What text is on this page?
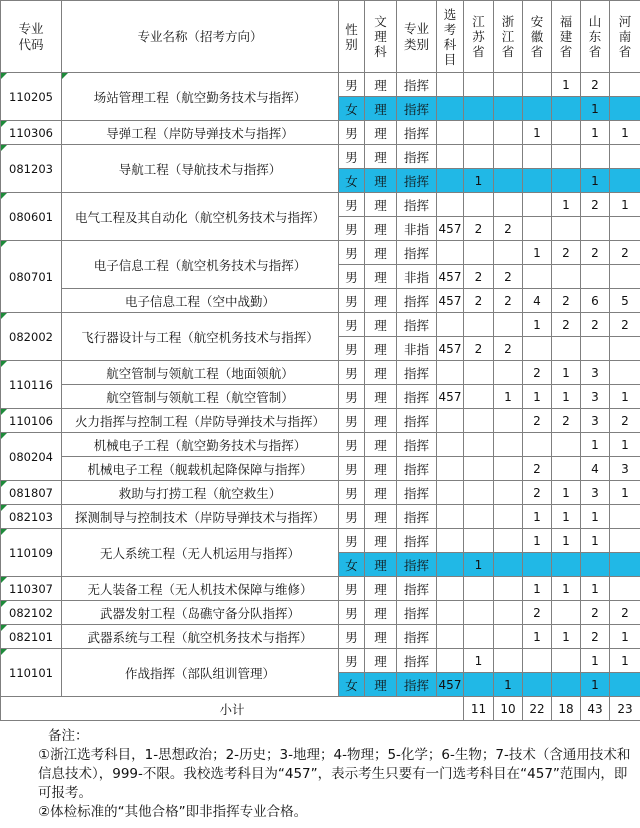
专业代码	专业名称（招考方向）	性别	文理科	专业类别	选考科目	江苏省	浙江省	安徽省	福建省	山东省	河南省
110205	场站管理工程（航空勤务技术与指挥）	男	理	指挥					1	2	
		女	理	指挥						1	
110306	导弹工程（岸防导弹技术与指挥）	男	理	指挥				1		1	1
081203	导航工程（导航技术与指挥）	男	理	指挥							
		女	理	指挥		1				1	
080601	电气工程及其自动化（航空机务技术与指挥）	男	理	指挥					1	2	1
		男	理	非指	457	2	2				
080701	电子信息工程（航空机务技术与指挥）	男	理	指挥				1	2	2	2
		男	理	非指	457	2	2				
	电子信息工程（空中战勤）	男	理	指挥	457	2	2	4	2	6	5
082002	飞行器设计与工程（航空机务技术与指挥）	男	理	指挥				1	2	2	2
		男	理	非指	457	2	2				
110116	航空管制与领航工程（地面领航）	男	理	指挥				2	1	3	
	航空管制与领航工程（航空管制）	男	理	指挥	457		1	1	1	3	1
110106	火力指挥与控制工程（岸防导弹技术与指挥）	男	理	指挥				2	2	3	2
080204	机械电子工程（航空勤务技术与指挥）	男	理	指挥						1	1
	机械电子工程（舰载机起降保障与指挥）	男	理	指挥				2		4	3
081807	救助与打捞工程（航空救生）	男	理	指挥				2	1	3	1
082103	探测制导与控制技术（岸防导弹技术与指挥）	男	理	指挥				1	1	1	
110109	无人系统工程（无人机运用与指挥）	男	理	指挥				1	1	1	
		女	理	指挥		1					
110307	无人装备工程（无人机技术保障与维修）	男	理	指挥				1	1	1	
082102	武器发射工程（岛礁守备分队指挥）	男	理	指挥				2		2	2
082101	武器系统与工程（航空机务技术与指挥）	男	理	指挥				1	1	2	1
110101	作战指挥（部队组训管理）	男	理	指挥		1				1	1
		女	理	指挥	457		1			1	
小计						11	10	22	18	43	23
备注：
①浙江选考科目，1-思想政治；2-历史；3-地理；4-物理；5-化学；6-生物；7-技术（含通用技术和信息技术），999-不限。我校选考科目为“457”，表示考生只要有一门选考科目在“457”范围内，即可报考。
②体检标准的“其他合格”即非指挥专业合格。
